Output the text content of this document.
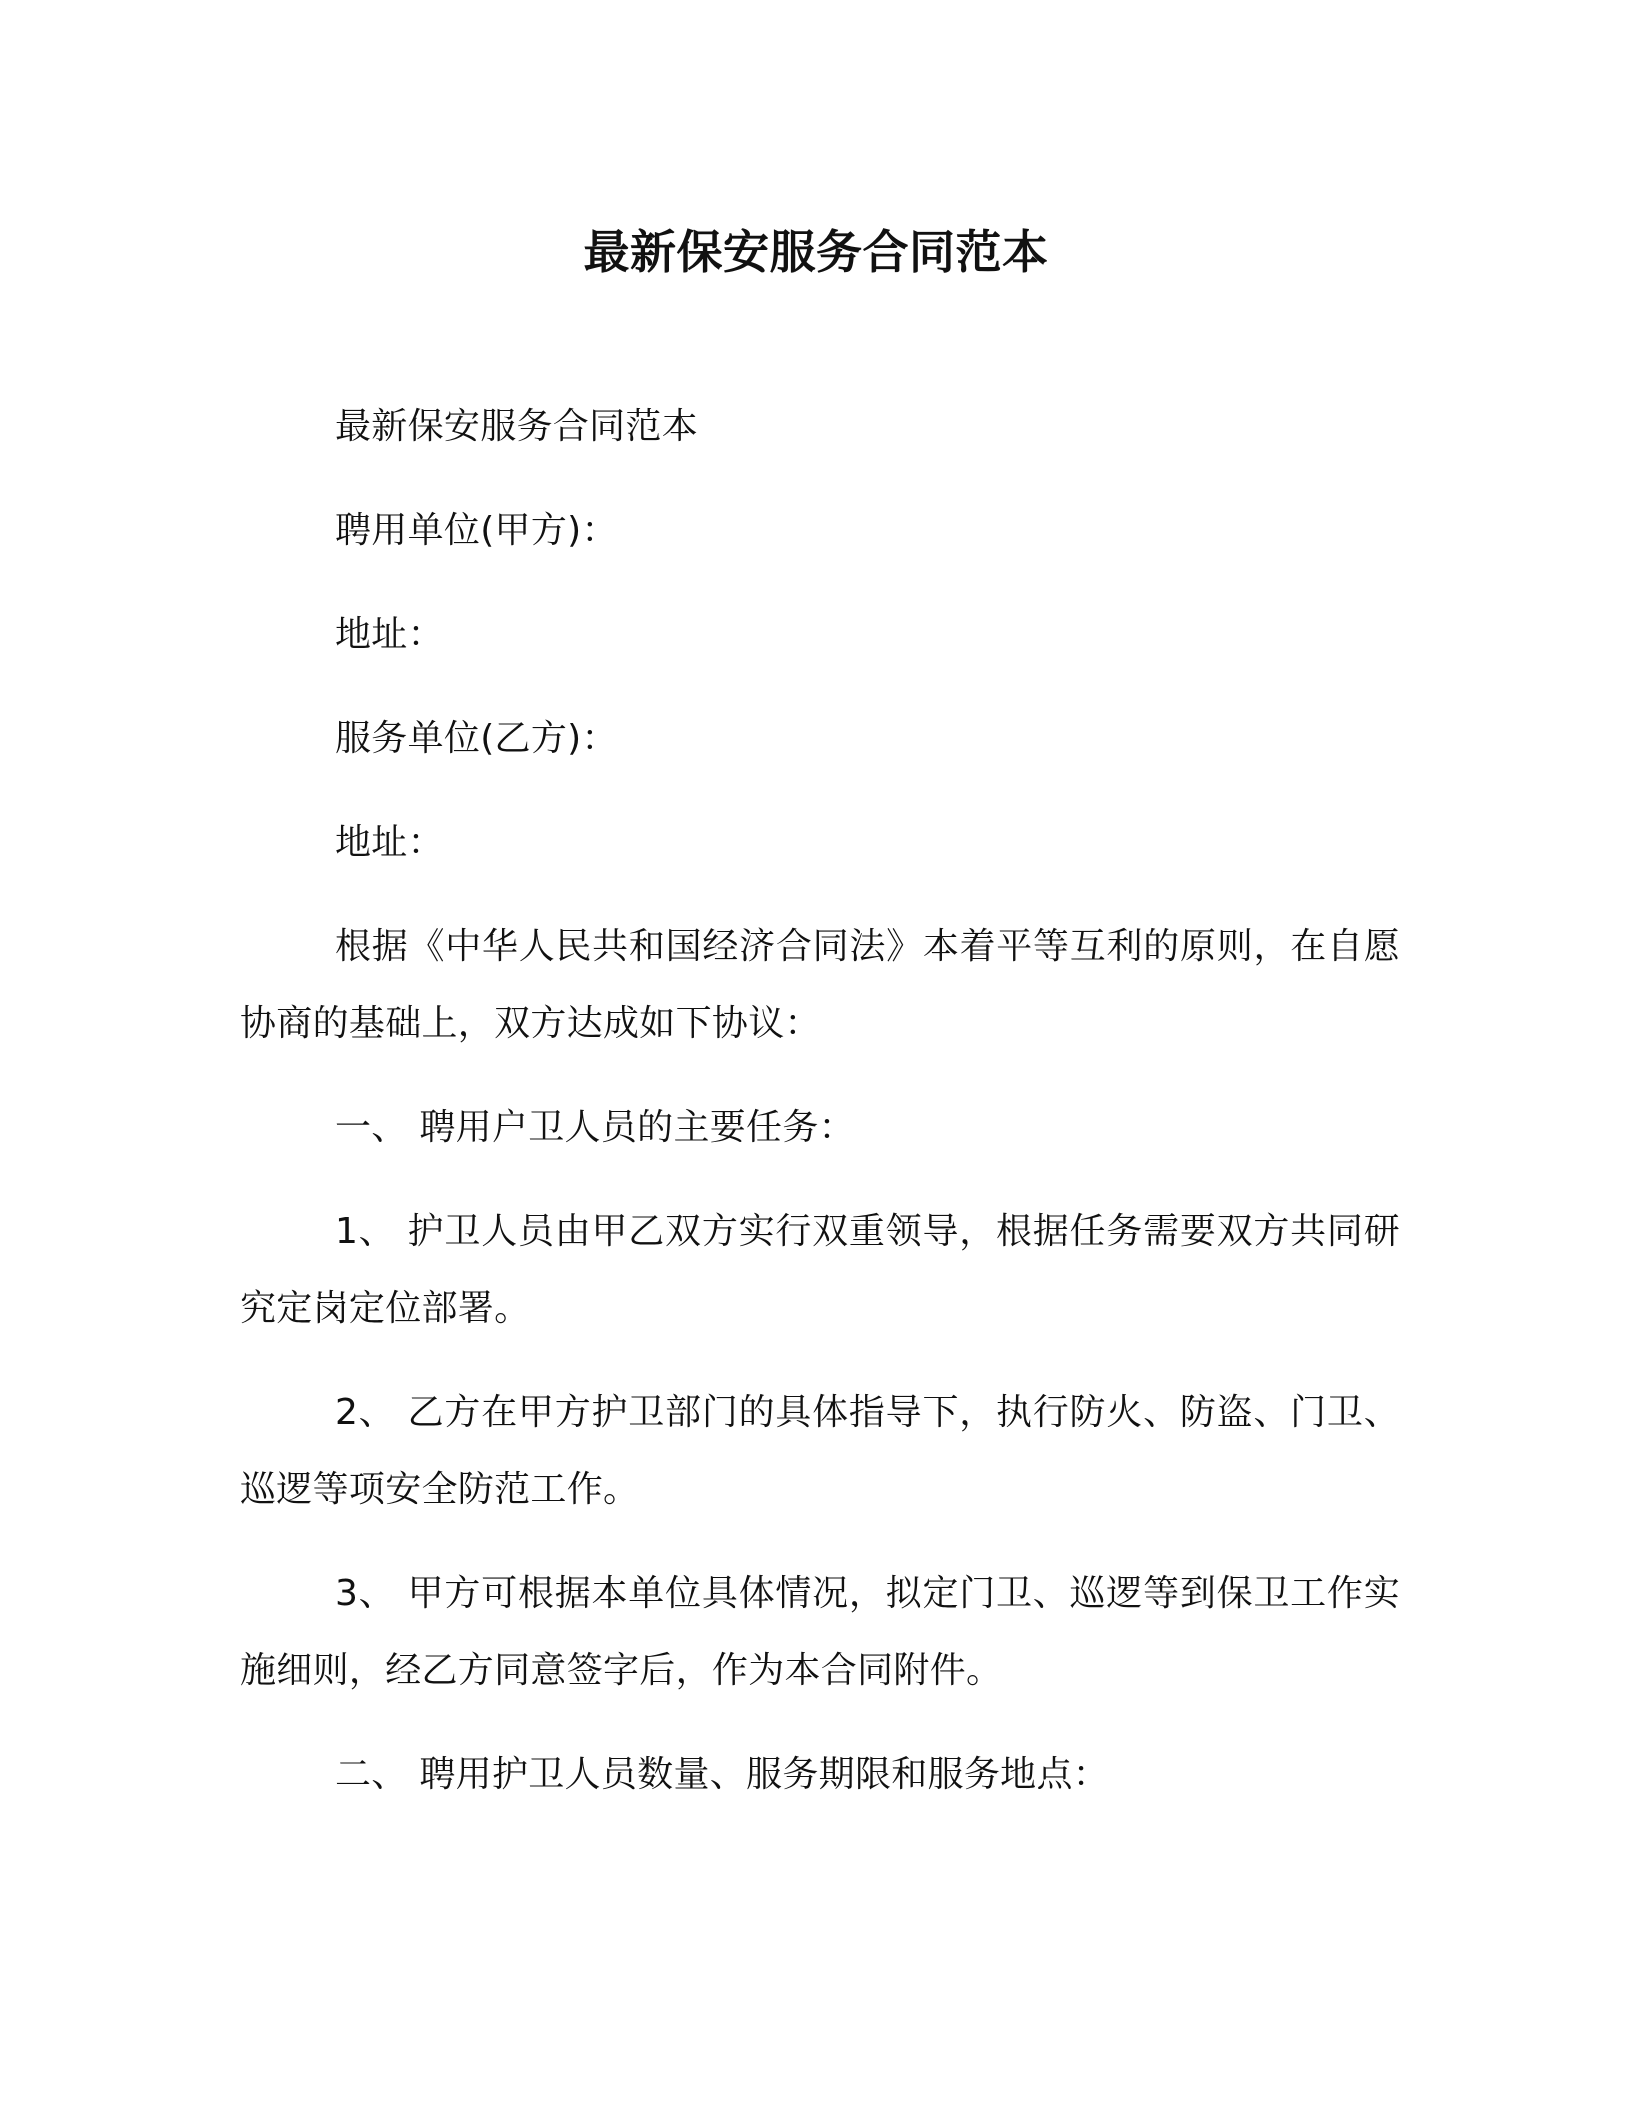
最新保安服务合同范本

最新保安服务合同范本

聘用单位(甲方)：

地址：

服务单位(乙方)：

地址：

根据《中华人民共和国经济合同法》本着平等互利的原则，在自愿协商的基础上，双方达成如下协议：

一、 聘用户卫人员的主要任务：

1、 护卫人员由甲乙双方实行双重领导，根据任务需要双方共同研究定岗定位部署。

2、 乙方在甲方护卫部门的具体指导下，执行防火、防盗、门卫、巡逻等项安全防范工作。

3、 甲方可根据本单位具体情况，拟定门卫、巡逻等到保卫工作实施细则，经乙方同意签字后，作为本合同附件。

二、 聘用护卫人员数量、服务期限和服务地点：
